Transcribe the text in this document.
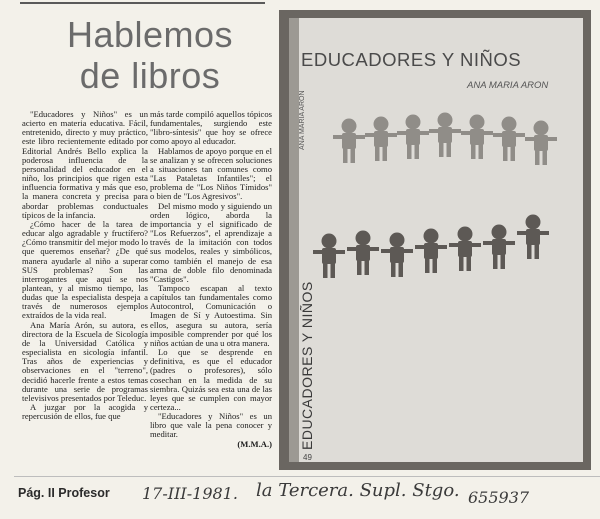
Hablemos
de libros

"Educadores y Niños" es un acierto en materia educativa. Fácil, entretenido, directo y muy práctico, este libro recientemente editado por Editorial Andrés Bello explica la poderosa influencia de la personalidad del educador en el niño, los principios que rigen esta influencia formativa y más que eso, la manera concreta y precisa para abordar problemas conductuales típicos de la infancia.

¿Cómo hacer de la tarea de educar algo agradable y fructífero? ¿Cómo transmitir del mejor modo lo que queremos enseñar? ¿De qué manera ayudarle al niño a superar SUS problemas? Son las interrogantes que aquí se nos plantean, y al mismo tiempo, las dudas que la especialista despeja a través de numerosos ejemplos extraídos de la vida real.

Ana María Arón, su autora, es directora de la Escuela de Sicología de la Universidad Católica y especialista en sicología infantil. Tras años de experiencias y observaciones en el "terreno", decidió hacerle frente a estos temas durante una serie de programas televisivos presentados por Teleduc.

A juzgar por la acogida y repercusión de ellos, fue que

más tarde compiló aquellos tópicos fundamentales, surgiendo este "libro-síntesis" que hoy se ofrece como apoyo al educador.

Hablamos de apoyo porque en el se analizan y se ofrecen soluciones a situaciones tan comunes como "Las Pataletas Infantiles"; el problema de "Los Niños Tímidos" o bien de "Los Agresivos".

Del mismo modo y siguiendo un orden lógico, aborda la importancia y el significado de "Los Refuerzos", el aprendizaje a través de la imitación con todos sus modelos, reales y simbólicos, como también el manejo de esa arma de doble filo denominada "Castigos".

Tampoco escapan al texto capítulos tan fundamentales como Autocontrol, Comunicación o Imagen de Sí y Autoestima. Sin ellos, asegura su autora, sería imposible comprender por qué los niños actúan de una u otra manera.

Lo que se desprende en definitiva, es que el educador (padres o profesores), sólo cosechan en la medida de su siembra. Quizás sea esta una de las leyes que se cumplen con mayor certeza...

"Educadores y Niños" es un libro que vale la pena conocer y meditar.

(M.M.A.)

EDUCADORES Y NIÑOS
ANA MARIA ARON
EDUCADORES Y NIÑOS
ANA MARIA ARON
49
Pág. II Profesor 17-III-1981. la Tercera. Supl. Stgo. 655937
